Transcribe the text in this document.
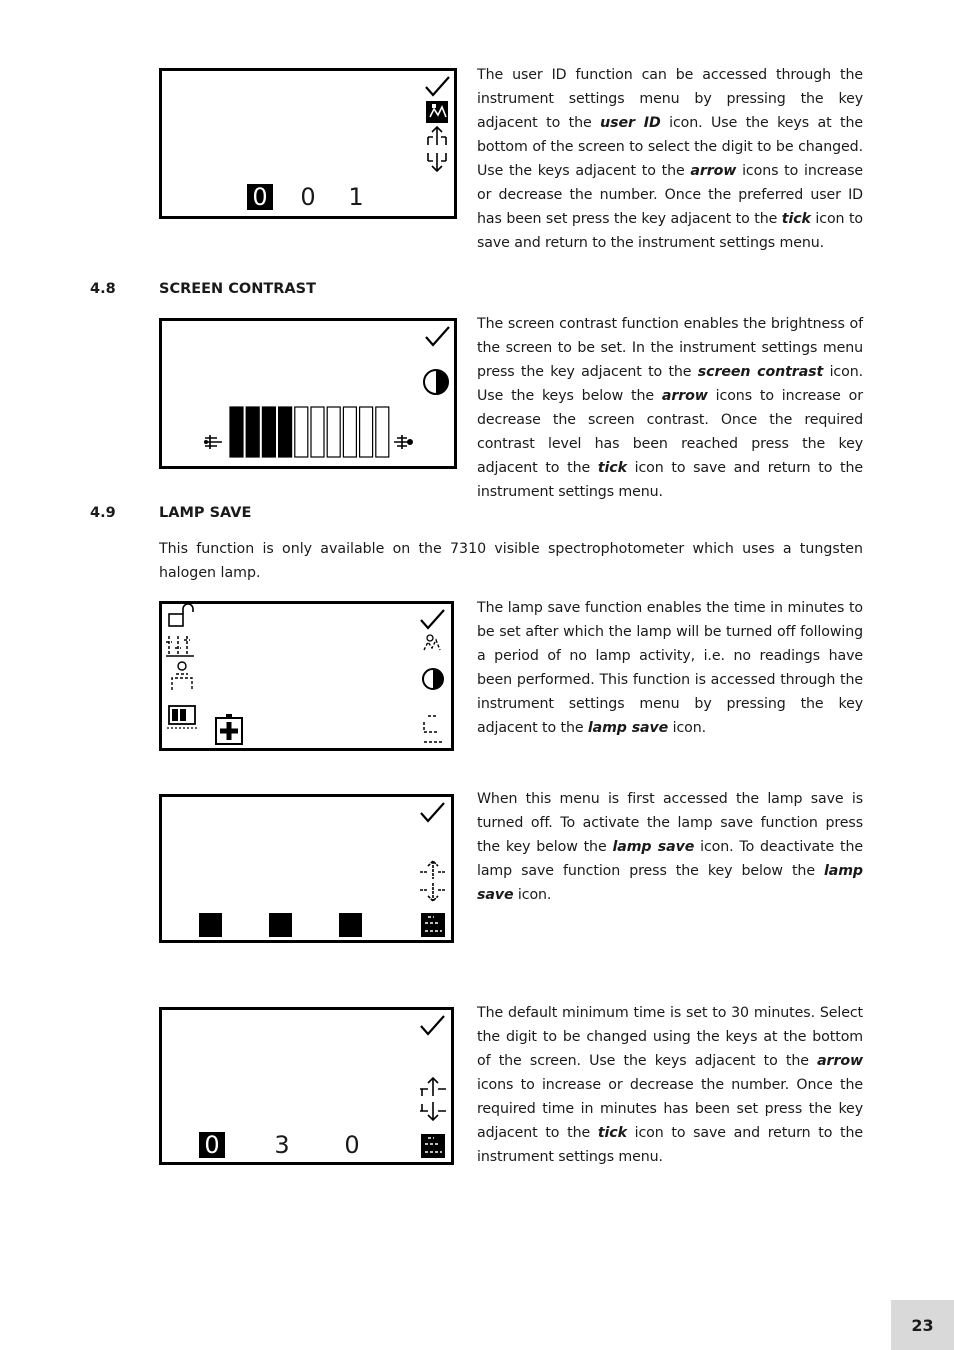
0 0 1

The user ID function can be accessed through the instrument settings menu by pressing the key adjacent to the user ID icon. Use the keys at the bottom of the screen to select the digit to be changed. Use the keys adjacent to the arrow icons to increase or decrease the number. Once the preferred user ID has been set press the key adjacent to the tick icon to save and return to the instrument settings menu.

4.8	SCREEN CONTRAST

The screen contrast function enables the brightness of the screen to be set. In the instrument settings menu press the key adjacent to the screen contrast icon. Use the keys below the arrow icons to increase or decrease the screen contrast. Once the required contrast level has been reached press the key adjacent to the tick icon to save and return to the instrument settings menu.

4.9	LAMP SAVE

This function is only available on the 7310 visible spectrophotometer which uses a tungsten halogen lamp.

The lamp save function enables the time in minutes to be set after which the lamp will be turned off following a period of no lamp activity, i.e. no readings have been performed. This function is accessed through the instrument settings menu by pressing the key adjacent to the lamp save icon.

When this menu is first accessed the lamp save is turned off. To activate the lamp save function press the key below the lamp save icon. To deactivate the lamp save function press the key below the lamp save icon.

0 3 0

The default minimum time is set to 30 minutes. Select the digit to be changed using the keys at the bottom of the screen. Use the keys adjacent to the arrow icons to increase or decrease the number. Once the required time in minutes has been set press the key adjacent to the tick icon to save and return to the instrument settings menu.

23
